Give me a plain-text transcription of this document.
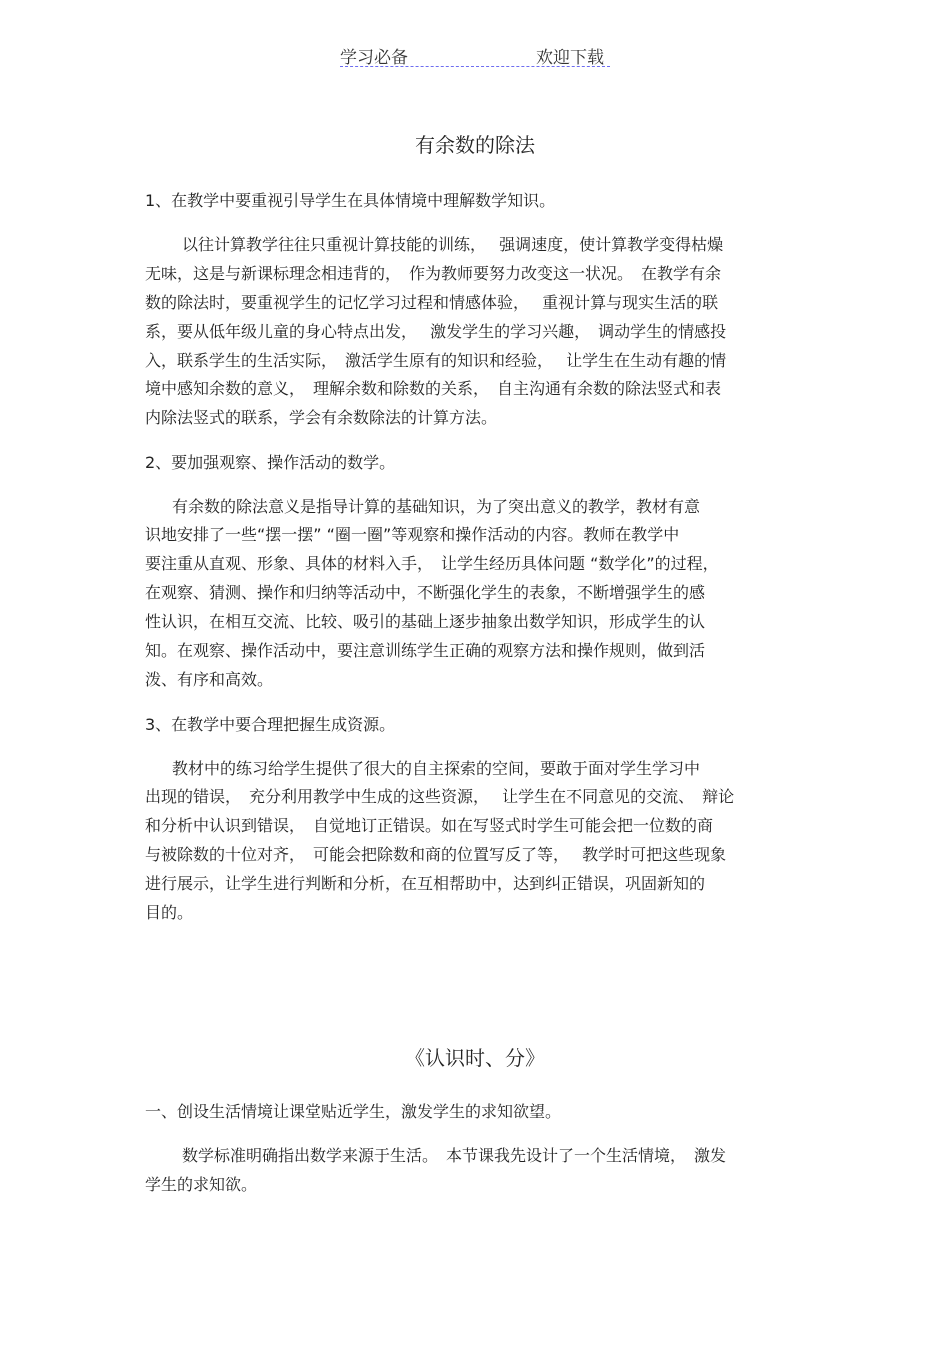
学习必备	欢迎下载
有余数的除法
1、在教学中要重视引导学生在具体情境中理解数学知识。
以往计算教学往往只重视计算技能的训练，　 强调速度，使计算教学变得枯燥
无味，这是与新课标理念相违背的，　作为教师要努力改变这一状况。　在教学有余
数的除法时，要重视学生的记忆学习过程和情感体验，　 重视计算与现实生活的联
系，要从低年级儿童的身心特点出发，　 激发学生的学习兴趣，　调动学生的情感投
入，联系学生的生活实际，　激活学生原有的知识和经验，　 让学生在生动有趣的情
境中感知余数的意义，　理解余数和除数的关系，　自主沟通有余数的除法竖式和表
内除法竖式的联系，学会有余数除法的计算方法。
2、要加强观察、操作活动的数学。
有余数的除法意义是指导计算的基础知识，为了突出意义的教学，教材有意
识地安排了一些“摆一摆” “圈一圈”等观察和操作活动的内容。教师在教学中
要注重从直观、形象、具体的材料入手，　让学生经历具体问题 “数学化”的过程，
在观察、猜测、操作和归纳等活动中，不断强化学生的表象，不断增强学生的感
性认识，在相互交流、比较、吸引的基础上逐步抽象出数学知识，形成学生的认
知。在观察、操作活动中，要注意训练学生正确的观察方法和操作规则，做到活
泼、有序和高效。
3、在教学中要合理把握生成资源。
教材中的练习给学生提供了很大的自主探索的空间，要敢于面对学生学习中
出现的错误，　充分利用教学中生成的这些资源，　 让学生在不同意见的交流、　辩论
和分析中认识到错误，　自觉地订正错误。如在写竖式时学生可能会把一位数的商
与被除数的十位对齐，　可能会把除数和商的位置写反了等，　 教学时可把这些现象
进行展示，让学生进行判断和分析，在互相帮助中，达到纠正错误，巩固新知的
目的。
《认识时、分》
一、创设生活情境让课堂贴近学生，激发学生的求知欲望。
数学标准明确指出数学来源于生活。　本节课我先设计了一个生活情境，　激发
学生的求知欲。
